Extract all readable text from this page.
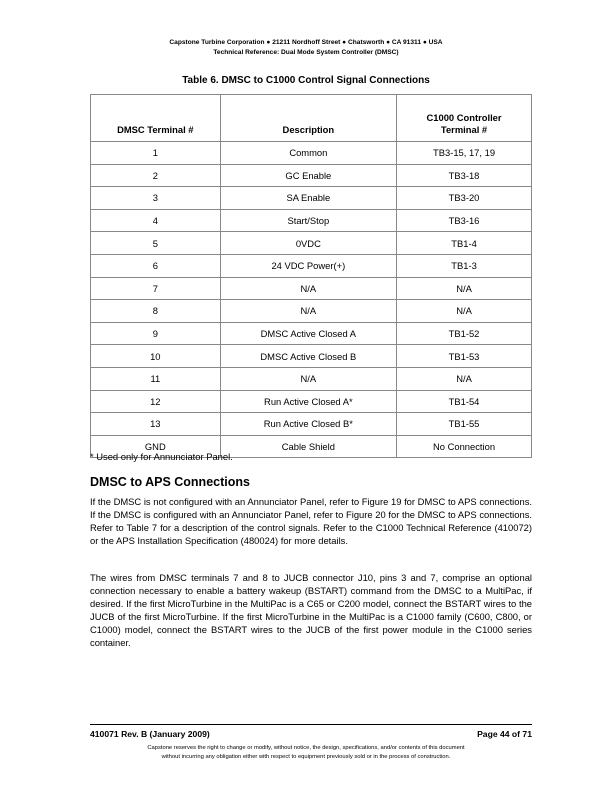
Capstone Turbine Corporation ● 21211 Nordhoff Street ● Chatsworth ● CA 91311 ● USA
Technical Reference: Dual Mode System Controller (DMSC)
Table 6. DMSC to C1000 Control Signal Connections
DMSC Terminal #	Description	C1000 Controller Terminal #

1	Common	TB3-15, 17, 19
2	GC Enable	TB3-18
3	SA Enable	TB3-20
4	Start/Stop	TB3-16
5	0VDC	TB1-4
6	24 VDC Power(+)	TB1-3
7	N/A	N/A
8	N/A	N/A
9	DMSC Active Closed A	TB1-52
10	DMSC Active Closed B	TB1-53
11	N/A	N/A
12	Run Active Closed A*	TB1-54
13	Run Active Closed B*	TB1-55
GND	Cable Shield	No Connection
* Used only for Annunciator Panel.
DMSC to APS Connections

If the DMSC is not configured with an Annunciator Panel, refer to Figure 19 for DMSC to APS connections. If the DMSC is configured with an Annunciator Panel, refer to Figure 20 for the DMSC to APS connections. Refer to Table 7 for a description of the control signals. Refer to the C1000 Technical Reference (410072) or the APS Installation Specification (480024) for more details.

The wires from DMSC terminals 7 and 8 to JUCB connector J10, pins 3 and 7, comprise an optional connection necessary to enable a battery wakeup (BSTART) command from the DMSC to a MultiPac, if desired. If the first MicroTurbine in the MultiPac is a C65 or C200 model, connect the BSTART wires to the JUCB of the first MicroTurbine. If the first MicroTurbine in the MultiPac is a C1000 family (C600, C800, or C1000) model, connect the BSTART wires to the JUCB of the first power module in the C1000 series container.

410071 Rev. B (January 2009)	Page 44 of 71
Capstone reserves the right to change or modify, without notice, the design, specifications, and/or contents of this document
without incurring any obligation either with respect to equipment previously sold or in the process of construction.
